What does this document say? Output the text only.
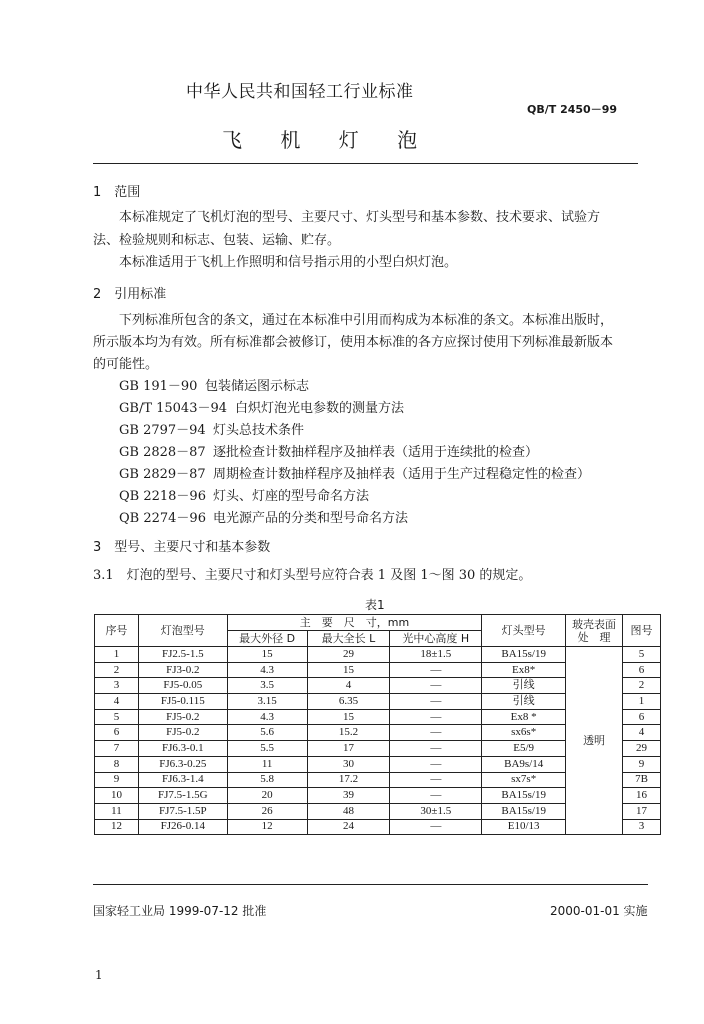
中华人民共和国轻工行业标准
QB/T 2450－99
飞 机 灯 泡
1　范围
本标准规定了飞机灯泡的型号、主要尺寸、灯头型号和基本参数、技术要求、试验方
法、检验规则和标志、包装、运输、贮存。
本标准适用于飞机上作照明和信号指示用的小型白炽灯泡。
2　引用标准
下列标准所包含的条文，通过在本标准中引用而构成为本标准的条文。本标准出版时，
所示版本均为有效。所有标准都会被修订，使用本标准的各方应探讨使用下列标准最新版本
的可能性。
GB 191－90 包装储运图示标志
GB/T 15043－94 白炽灯泡光电参数的测量方法
GB 2797－94 灯头总技术条件
GB 2828－87 逐批检查计数抽样程序及抽样表（适用于连续批的检查）
GB 2829－87 周期检查计数抽样程序及抽样表（适用于生产过程稳定性的检查）
QB 2218－96 灯头、灯座的型号命名方法
QB 2274－96 电光源产品的分类和型号命名方法
3　型号、主要尺寸和基本参数
3.1　灯泡的型号、主要尺寸和灯头型号应符合表 1 及图 1～图 30 的规定。
表1
序号	灯泡型号	主　要　尺　寸，mm			灯头型号	玻壳表面处　理	图号
		最大外径 D	最大全长 L	光中心高度 H			
1	FJ2.5-1.5	15	29	18±1.5	BA15s/19	透明	5
2	FJ3-0.2	4.3	15	—	Ex8*		6
3	FJ5-0.05	3.5	4	—	引线		2
4	FJ5-0.115	3.15	6.35	—	引线		1
5	FJ5-0.2	4.3	15	—	Ex8 *		6
6	FJ5-0.2	5.6	15.2	—	sx6s*		4
7	FJ6.3-0.1	5.5	17	—	E5/9		29
8	FJ6.3-0.25	11	30	—	BA9s/14		9
9	FJ6.3-1.4	5.8	17.2	—	sx7s*		7B
10	FJ7.5-1.5G	20	39	—	BA15s/19		16
11	FJ7.5-1.5P	26	48	30±1.5	BA15s/19		17
12	FJ26-0.14	12	24	—	E10/13		3
国家轻工业局 1999-07-12 批准	2000-01-01 实施
1
